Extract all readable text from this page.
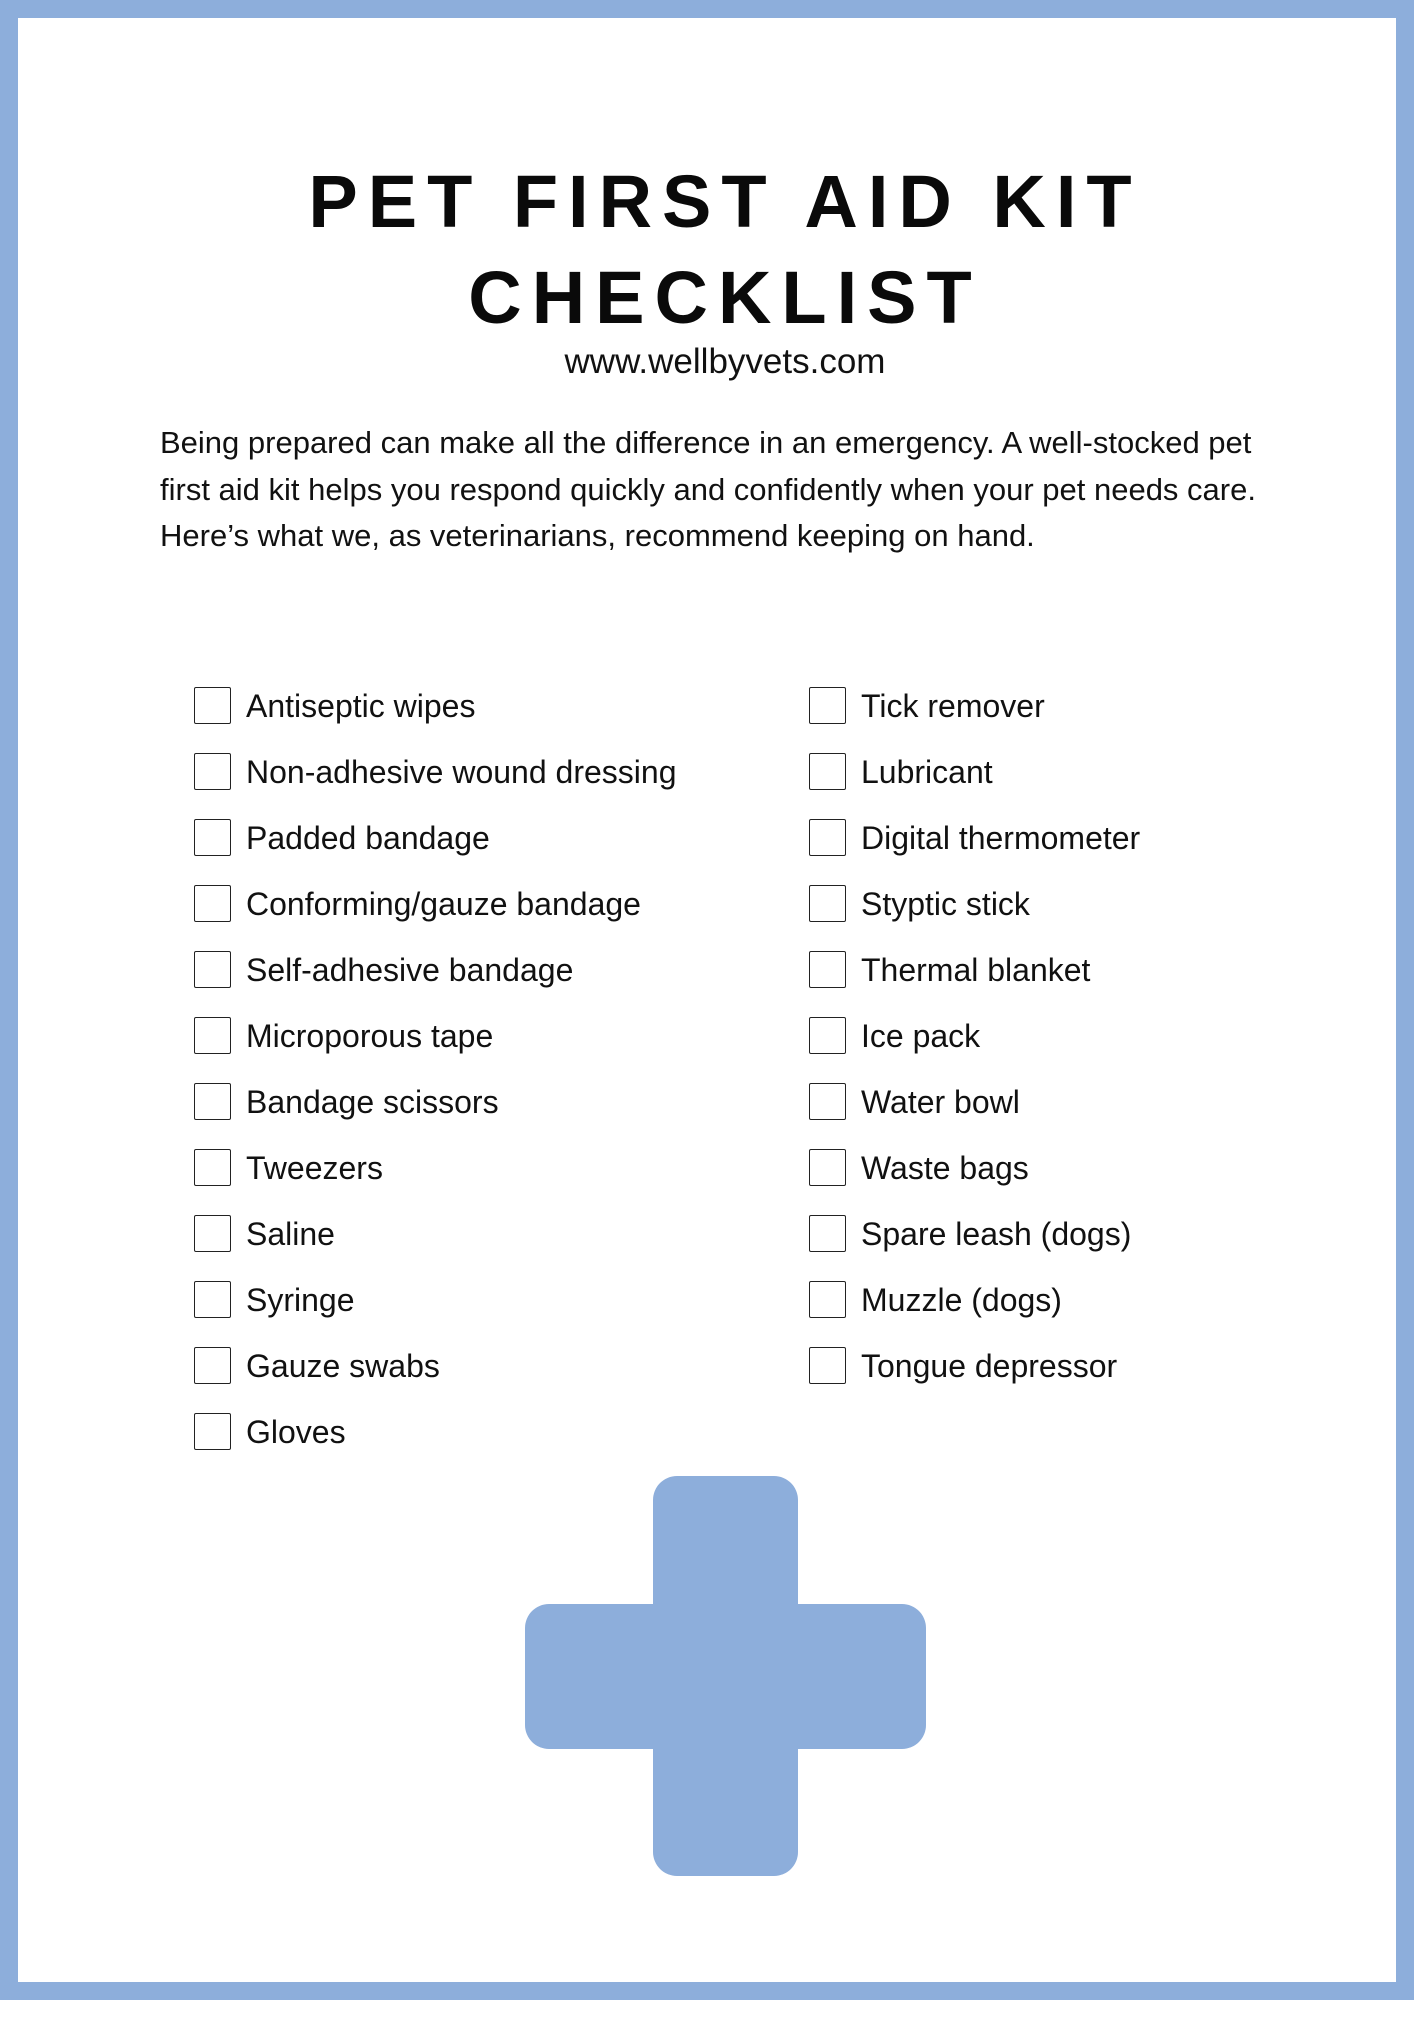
PET FIRST AID KIT
CHECKLIST
www.wellbyvets.com

Being prepared can make all the difference in an emergency. A well-stocked pet first aid kit helps you respond quickly and confidently when your pet needs care. Here’s what we, as veterinarians, recommend keeping on hand.

Antiseptic wipes
Non-adhesive wound dressing
Padded bandage
Conforming/gauze bandage
Self-adhesive bandage
Microporous tape
Bandage scissors
Tweezers
Saline
Syringe
Gauze swabs
Gloves
Tick remover
Lubricant
Digital thermometer
Styptic stick
Thermal blanket
Ice pack
Water bowl
Waste bags
Spare leash (dogs)
Muzzle (dogs)
Tongue depressor
